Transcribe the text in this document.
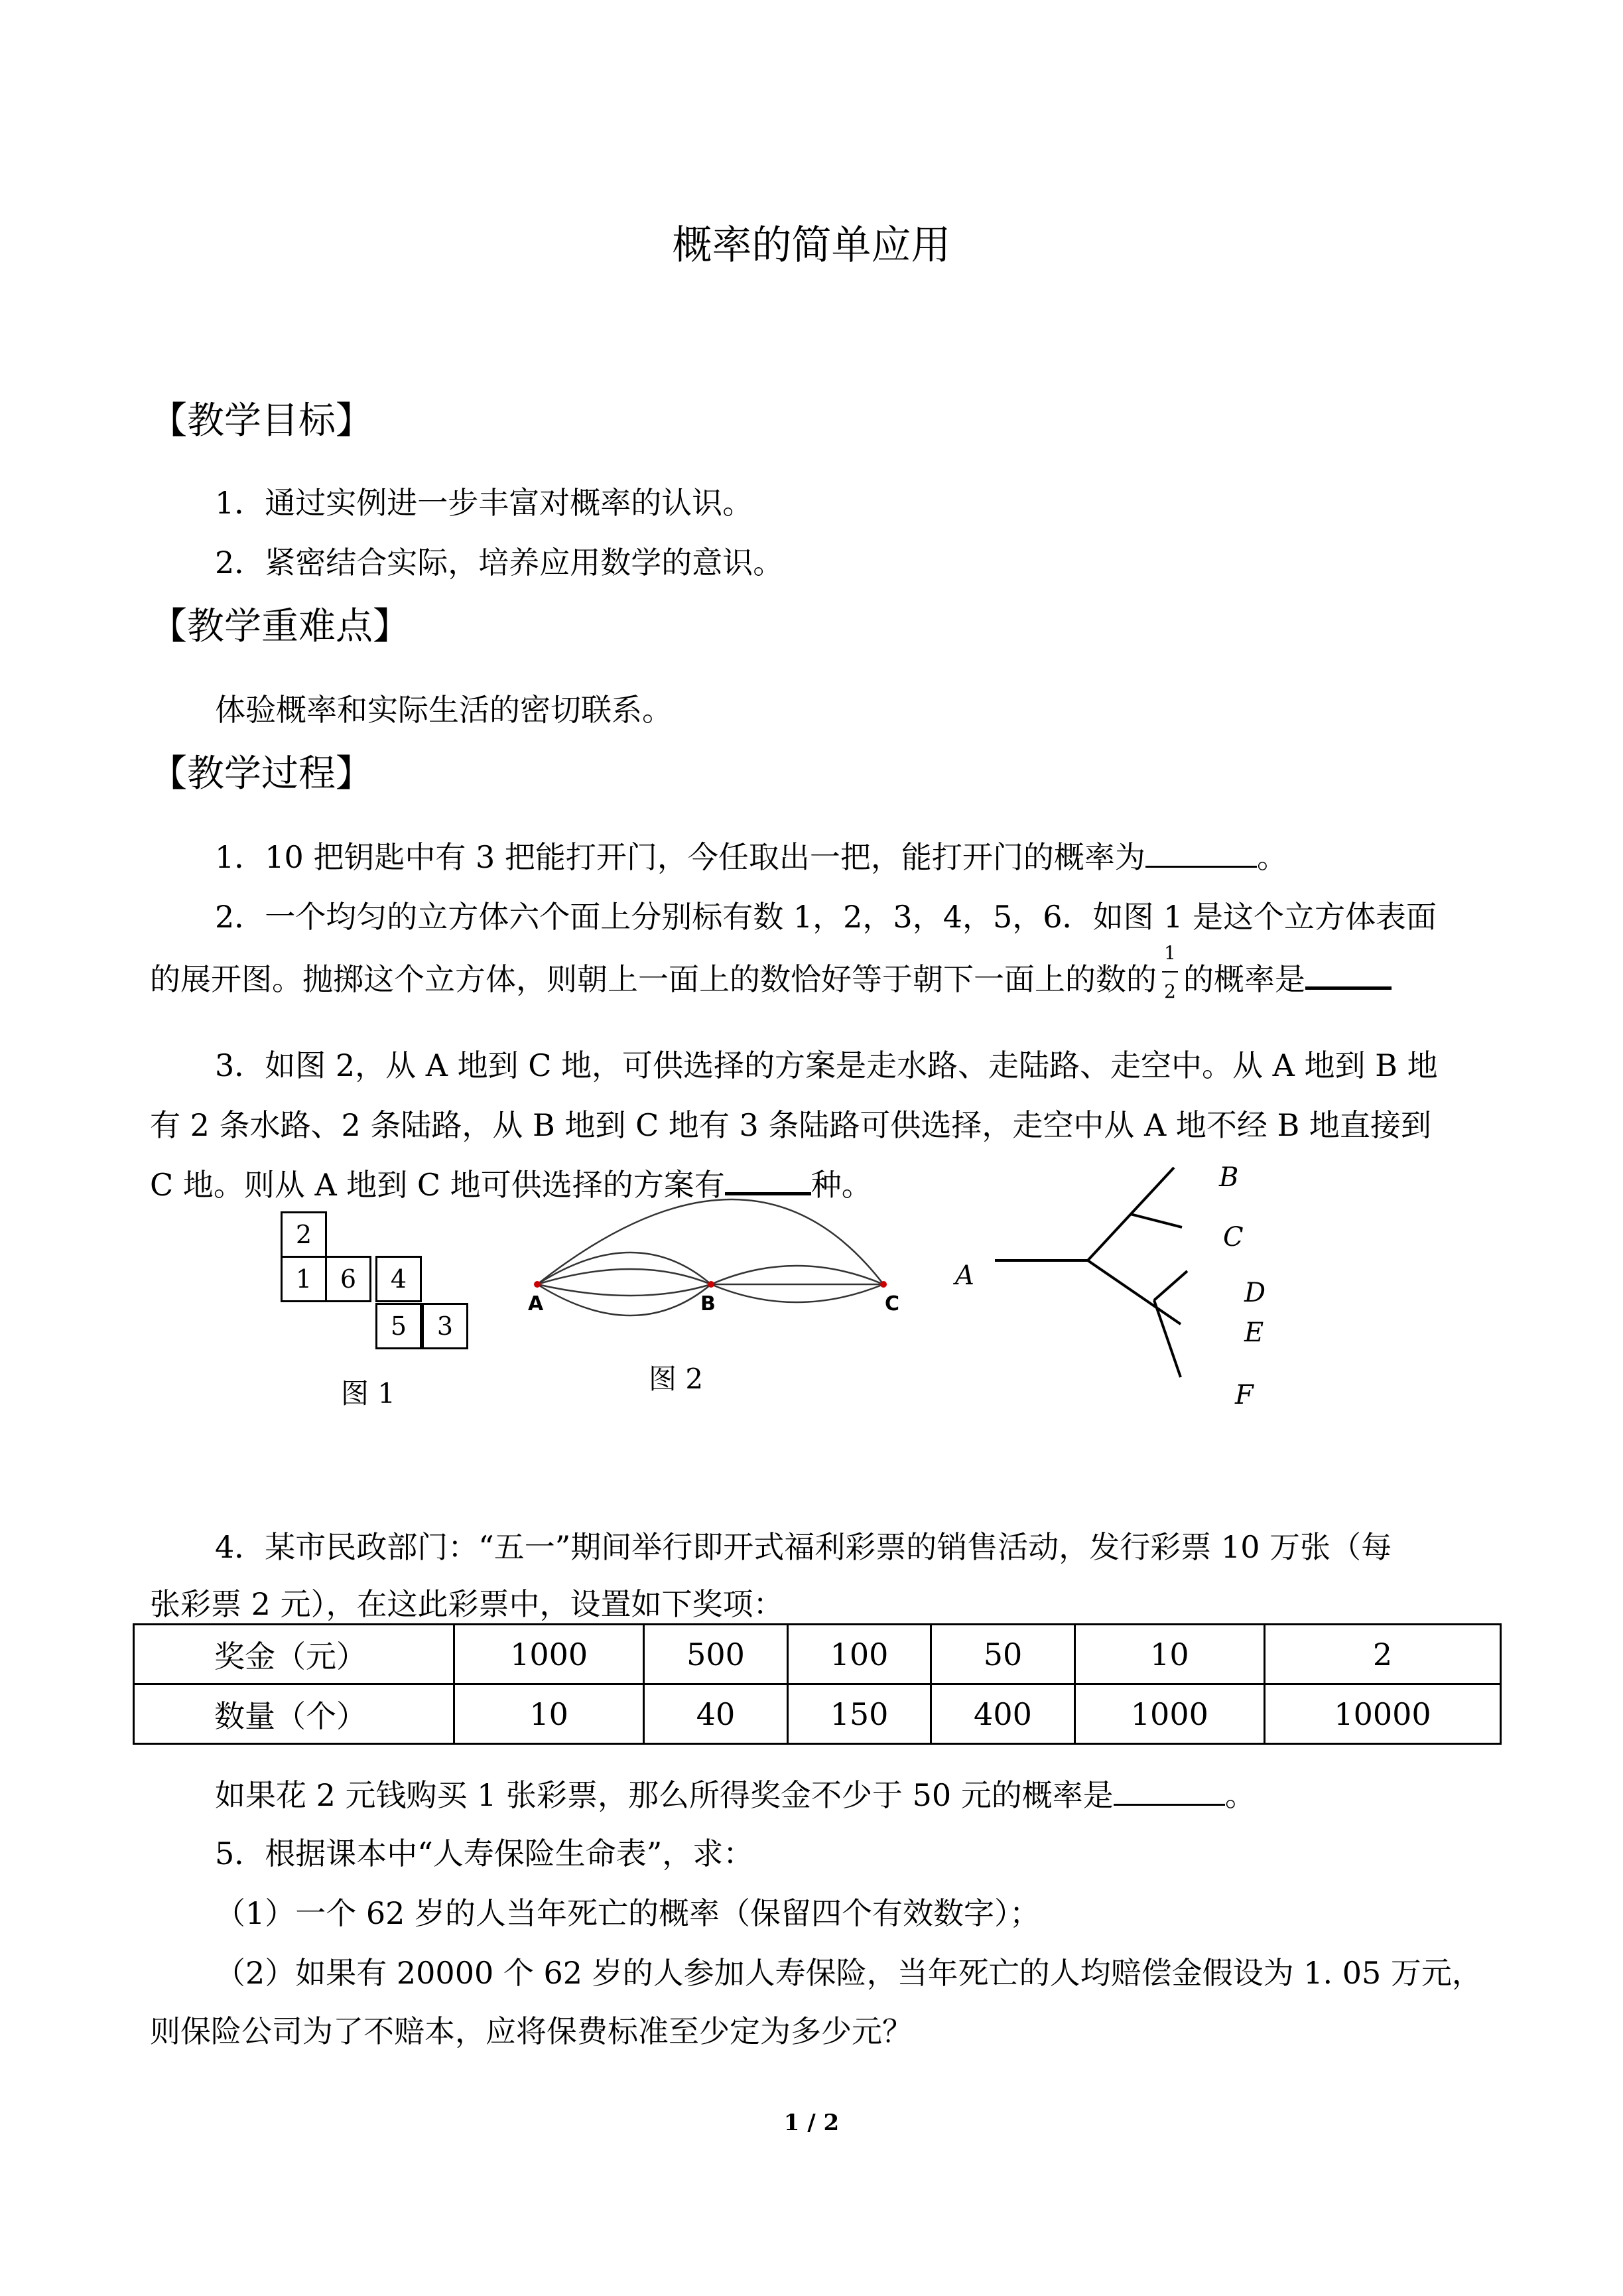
概率的简单应用
【教学目标】
1．通过实例进一步丰富对概率的认识。
2．紧密结合实际，培养应用数学的意识。
【教学重难点】
体验概率和实际生活的密切联系。
【教学过程】
1．10 把钥匙中有 3 把能打开门，今任取出一把，能打开门的概率为	。
2．一个均匀的立方体六个面上分别标有数 1，2，3，4，5，6．如图 1 是这个立方体表面
的展开图。抛掷这个立方体，则朝上一面上的数恰好等于朝下一面上的数的 $\frac{1}{2}$ 的概率是
3．如图 2，从 A 地到 C 地，可供选择的方案是走水路、走陆路、走空中。从 A 地到 B 地
有 2 条水路、2 条陆路，从 B 地到 C 地有 3 条陆路可供选择，走空中从 A 地不经 B 地直接到
C 地。则从 A 地到 C 地可供选择的方案有	种。
2
1	6	4
5	3
图 1
A	B	C
图 2
A
B
C
D
E
F
4．某市民政部门：“五一”期间举行即开式福利彩票的销售活动，发行彩票 10 万张（每
张彩票 2 元），在这此彩票中，设置如下奖项：
奖金（元）	1000	500	100	50	10	2
数量（个）	10	40	150	400	1000	10000
如果花 2 元钱购买 1 张彩票，那么所得奖金不少于 50 元的概率是	。
5．根据课本中“人寿保险生命表”，求：
（1）一个 62 岁的人当年死亡的概率（保留四个有效数字）；
（2）如果有 20000 个 62 岁的人参加人寿保险，当年死亡的人均赔偿金假设为 1. 05 万元，
则保险公司为了不赔本，应将保费标准至少定为多少元？
1 / 2
